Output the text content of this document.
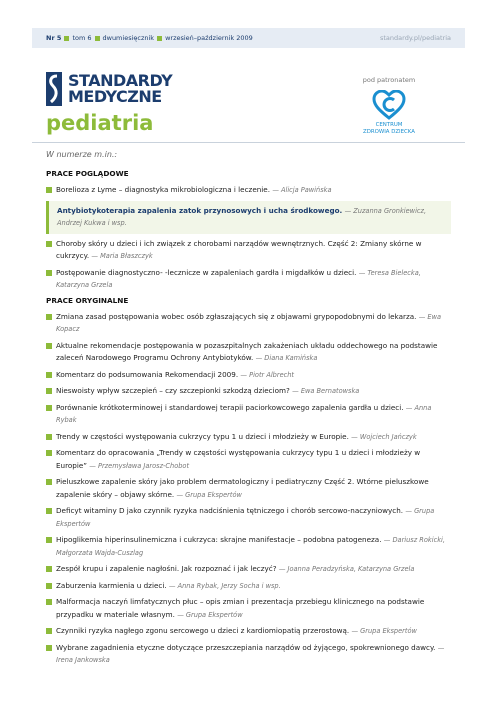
Nr 5 tom 6 dwumiesięcznik wrzesień–październik 2009	standardy.pl/pediatria
STANDARDY
MEDYCZNE
pediatria
pod patronatem
CENTRUM
ZDROWIA DZIECKA
W numerze m.in.:
PRACE POGLĄDOWE
Borelioza z Lyme – diagnostyka mikrobiologiczna i leczenie. — Alicja Pawińska
Antybiotykoterapia zapalenia zatok przynosowych i ucha środkowego. — Zuzanna Gronkiewicz, Andrzej Kukwa i wsp.
Choroby skóry u dzieci i ich związek z chorobami narządów wewnętrznych. Część 2: Zmiany skórne w cukrzycy. — Maria Błaszczyk
Postępowanie diagnostyczno- -lecznicze w zapaleniach gardła i migdałków u dzieci. — Teresa Bielecka, Katarzyna Grzela
PRACE ORYGINALNE
Zmiana zasad postępowania wobec osób zgłaszających się z objawami grypopodobnymi do lekarza. — Ewa Kopacz
Aktualne rekomendacje postępowania w pozaszpitalnych zakażeniach układu oddechowego na podstawie zaleceń Narodowego Programu Ochrony Antybiotyków. — Diana Kamińska
Komentarz do podsumowania Rekomendacji 2009. — Piotr Albrecht
Nieswoisty wpływ szczepień – czy szczepionki szkodzą dzieciom? — Ewa Bernatowska
Porównanie krótkoterminowej i standardowej terapii paciorkowcowego zapalenia gardła u dzieci. — Anna Rybak
Trendy w częstości występowania cukrzycy typu 1 u dzieci i młodzieży w Europie. — Wojciech Jańczyk
Komentarz do opracowania „Trendy w częstości występowania cukrzycy typu 1 u dzieci i młodzieży w Europie” — Przemysława Jarosz-Chobot
Pieluszkowe zapalenie skóry jako problem dermatologiczny i pediatryczny Część 2. Wtórne pieluszkowe zapalenie skóry – objawy skórne. — Grupa Ekspertów
Deficyt witaminy D jako czynnik ryzyka nadciśnienia tętniczego i chorób sercowo-naczyniowych. — Grupa Ekspertów
Hipoglikemia hiperinsulinemiczna i cukrzyca: skrajne manifestacje – podobna patogeneza. — Dariusz Rokicki, Małgorzata Wajda-Cuszlag
Zespół krupu i zapalenie nagłośni. Jak rozpoznać i jak leczyć? — Joanna Peradzyńska, Katarzyna Grzela
Zaburzenia karmienia u dzieci. — Anna Rybak, Jerzy Socha i wsp.
Malformacja naczyń limfatycznych płuc – opis zmian i prezentacja przebiegu klinicznego na podstawie przypadku w materiale własnym. — Grupa Ekspertów
Czynniki ryzyka nagłego zgonu sercowego u dzieci z kardiomiopatią przerostową. — Grupa Ekspertów
Wybrane zagadnienia etyczne dotyczące przeszczepiania narządów od żyjącego, spokrewnionego dawcy. — Irena Jankowska
